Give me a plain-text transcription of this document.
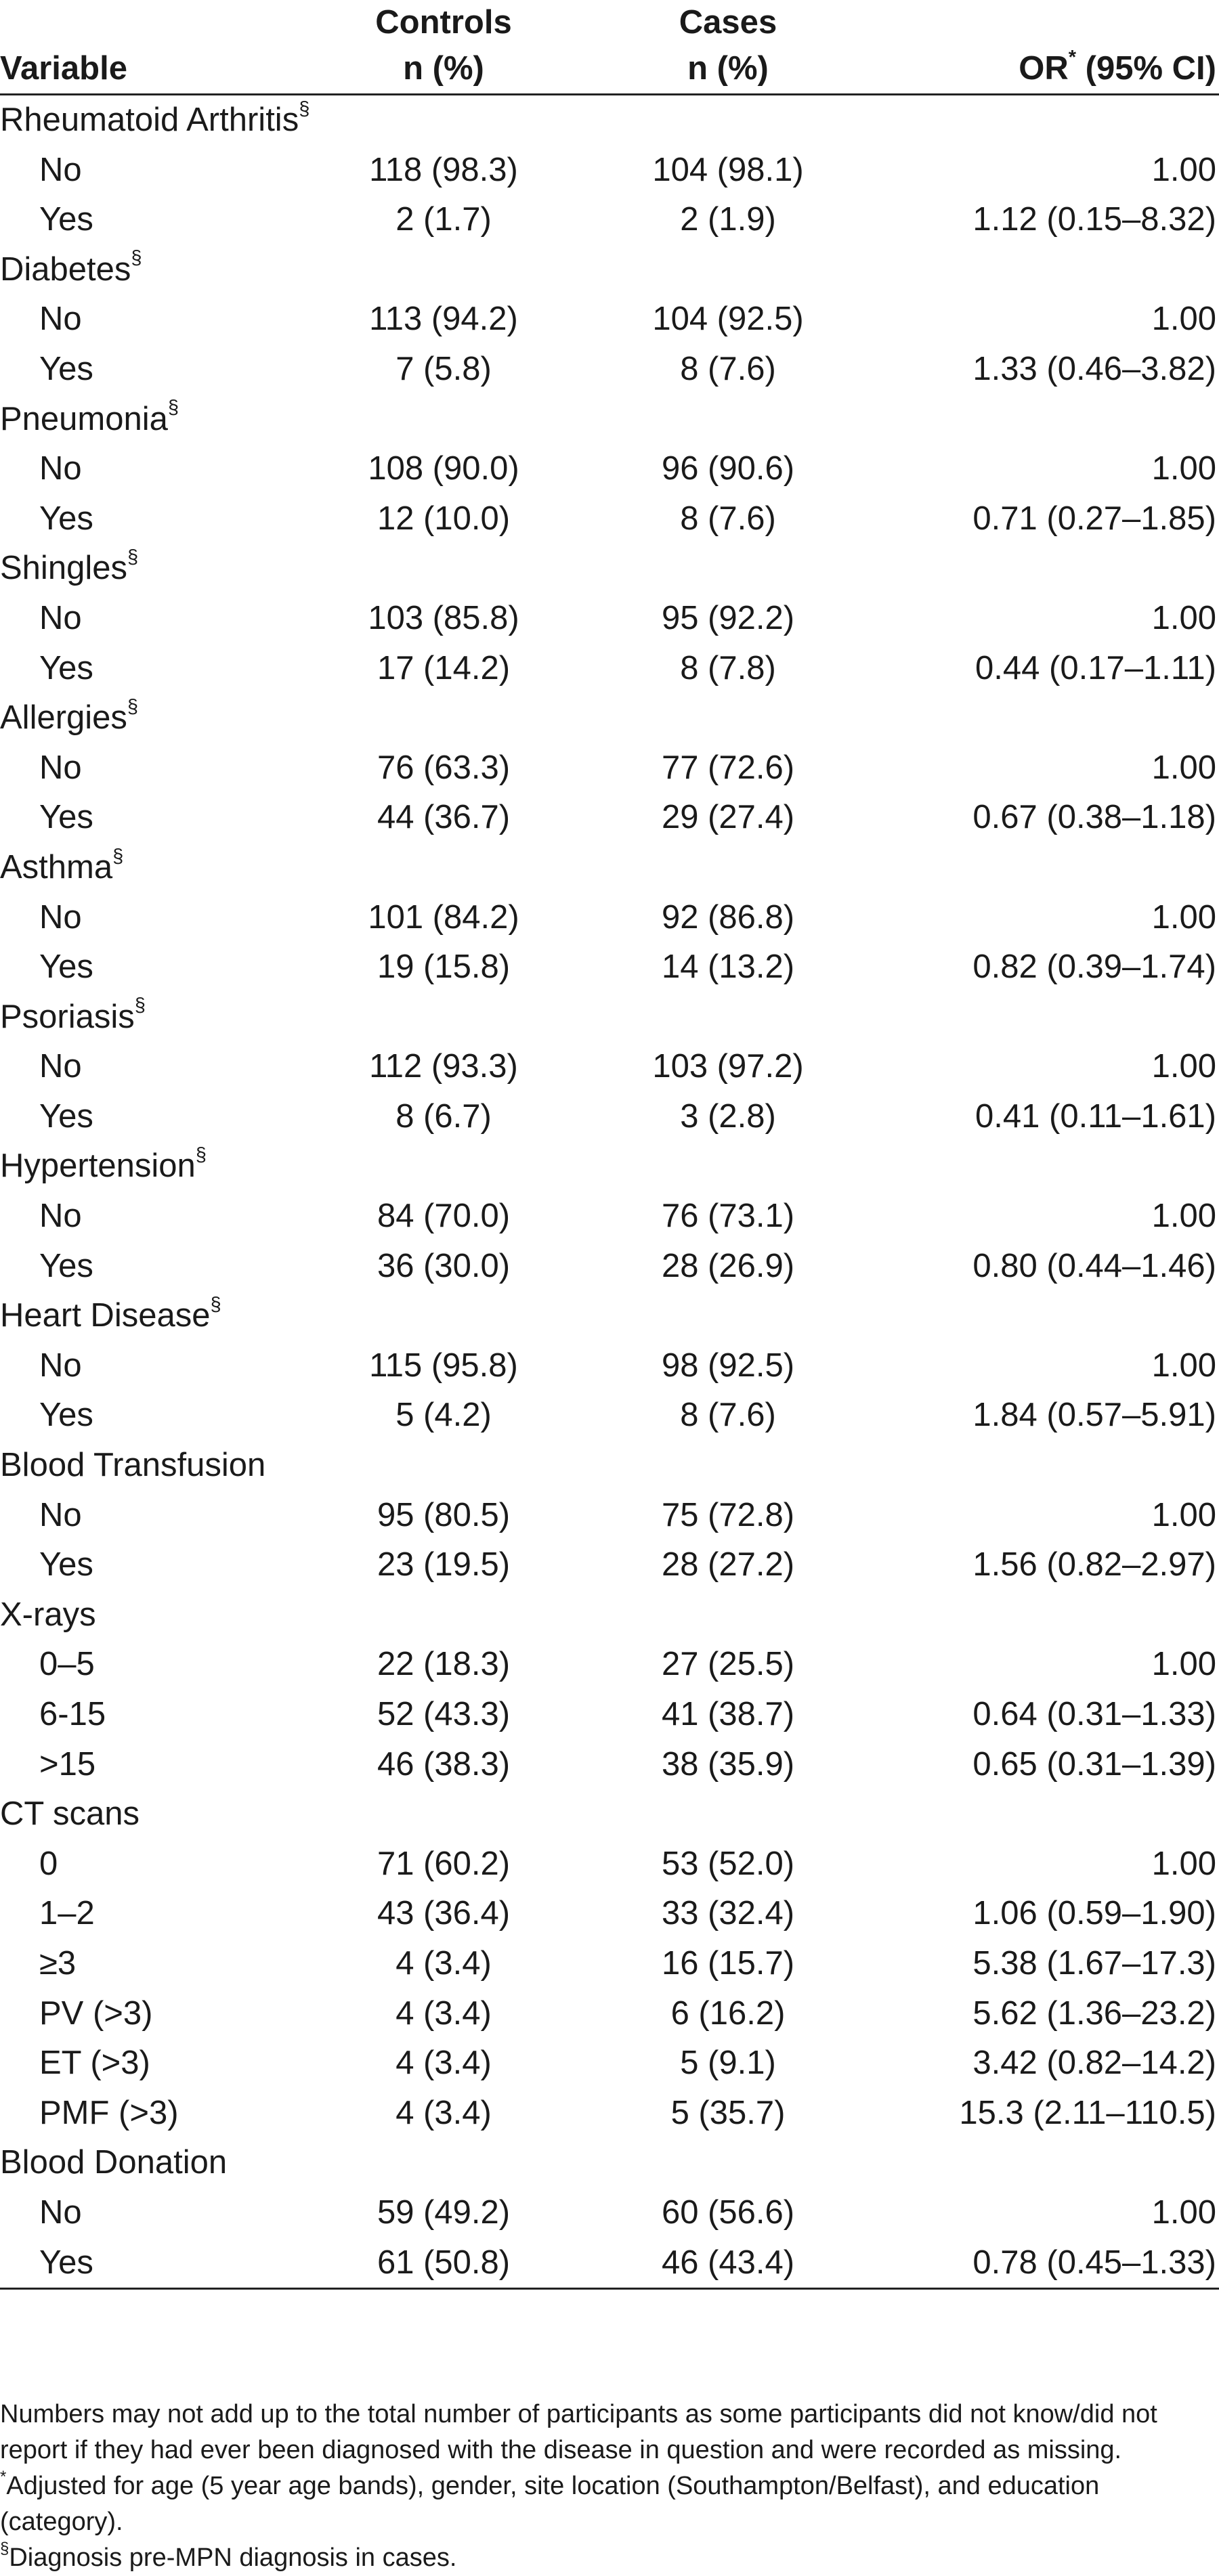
	Controls	Cases	
Variable	n (%)	n (%)	OR* (95% CI)
Rheumatoid Arthritis§
No	118 (98.3)	104 (98.1)	1.00
Yes	2 (1.7)	2 (1.9)	1.12 (0.15–8.32)
Diabetes§
No	113 (94.2)	104 (92.5)	1.00
Yes	7 (5.8)	8 (7.6)	1.33 (0.46–3.82)
Pneumonia§
No	108 (90.0)	96 (90.6)	1.00
Yes	12 (10.0)	8 (7.6)	0.71 (0.27–1.85)
Shingles§
No	103 (85.8)	95 (92.2)	1.00
Yes	17 (14.2)	8 (7.8)	0.44 (0.17–1.11)
Allergies§
No	76 (63.3)	77 (72.6)	1.00
Yes	44 (36.7)	29 (27.4)	0.67 (0.38–1.18)
Asthma§
No	101 (84.2)	92 (86.8)	1.00
Yes	19 (15.8)	14 (13.2)	0.82 (0.39–1.74)
Psoriasis§
No	112 (93.3)	103 (97.2)	1.00
Yes	8 (6.7)	3 (2.8)	0.41 (0.11–1.61)
Hypertension§
No	84 (70.0)	76 (73.1)	1.00
Yes	36 (30.0)	28 (26.9)	0.80 (0.44–1.46)
Heart Disease§
No	115 (95.8)	98 (92.5)	1.00
Yes	5 (4.2)	8 (7.6)	1.84 (0.57–5.91)
Blood Transfusion			
No	95 (80.5)	75 (72.8)	1.00
Yes	23 (19.5)	28 (27.2)	1.56 (0.82–2.97)
X-rays			
0–5	22 (18.3)	27 (25.5)	1.00
6-15	52 (43.3)	41 (38.7)	0.64 (0.31–1.33)
>15	46 (38.3)	38 (35.9)	0.65 (0.31–1.39)
CT scans			
0	71 (60.2)	53 (52.0)	1.00
1–2	43 (36.4)	33 (32.4)	1.06 (0.59–1.90)
≥3	4 (3.4)	16 (15.7)	5.38 (1.67–17.3)
PV (>3)	4 (3.4)	6 (16.2)	5.62 (1.36–23.2)
ET (>3)	4 (3.4)	5 (9.1)	3.42 (0.82–14.2)
PMF (>3)	4 (3.4)	5 (35.7)	15.3 (2.11–110.5)
Blood Donation			
No	59 (49.2)	60 (56.6)	1.00
Yes	61 (50.8)	46 (43.4)	0.78 (0.45–1.33)

Numbers may not add up to the total number of participants as some participants did not know/did not report if they had ever been diagnosed with the disease in question and were recorded as missing.

*Adjusted for age (5 year age bands), gender, site location (Southampton/Belfast), and education (category).

§Diagnosis pre-MPN diagnosis in cases.
